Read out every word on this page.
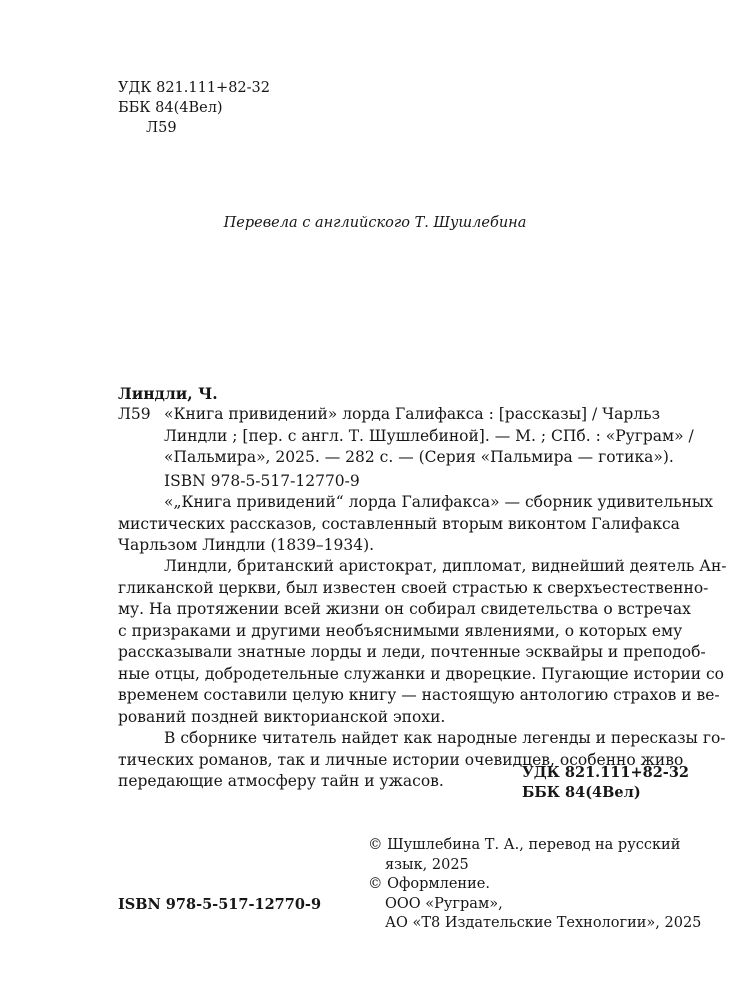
УДК 821.111+82-32
ББК 84(4Вел)
Л59
Перевела с английского Т. Шушлебина
Линдли, Ч.
Л59 «Книга привидений» лорда Галифакса : [рассказы] / Чарльз
Линдли ; [пер. с англ. Т. Шушлебиной]. — М. ; СПб. : «Руграм» /
«Пальмира», 2025. — 282 с. — (Серия «Пальмира — готика»).
ISBN 978-5-517-12770-9
«„Книга привидений“ лорда Галифакса» — сборник удивительных
мистических рассказов, составленный вторым виконтом Галифакса
Чарльзом Линдли (1839–1934).
Линдли, британский аристократ, дипломат, виднейший деятель Ан-
гликанской церкви, был известен своей страстью к сверхъестественно-
му. На протяжении всей жизни он собирал свидетельства о встречах
с призраками и другими необъяснимыми явлениями, о которых ему
рассказывали знатные лорды и леди, почтенные эсквайры и преподоб-
ные отцы, добродетельные служанки и дворецкие. Пугающие истории со
временем составили целую книгу — настоящую антологию страхов и ве-
рований поздней викторианской эпохи.
В сборнике читатель найдет как народные легенды и пересказы го-
тических романов, так и личные истории очевидцев, особенно живо
передающие атмосферу тайн и ужасов.	УДК 821.111+82-32
ББК 84(4Вел)
© Шушлебина Т. А., перевод на русский
язык, 2025
© Оформление.
ООО «Руграм»,
АО «Т8 Издательские Технологии», 2025
ISBN 978-5-517-12770-9
